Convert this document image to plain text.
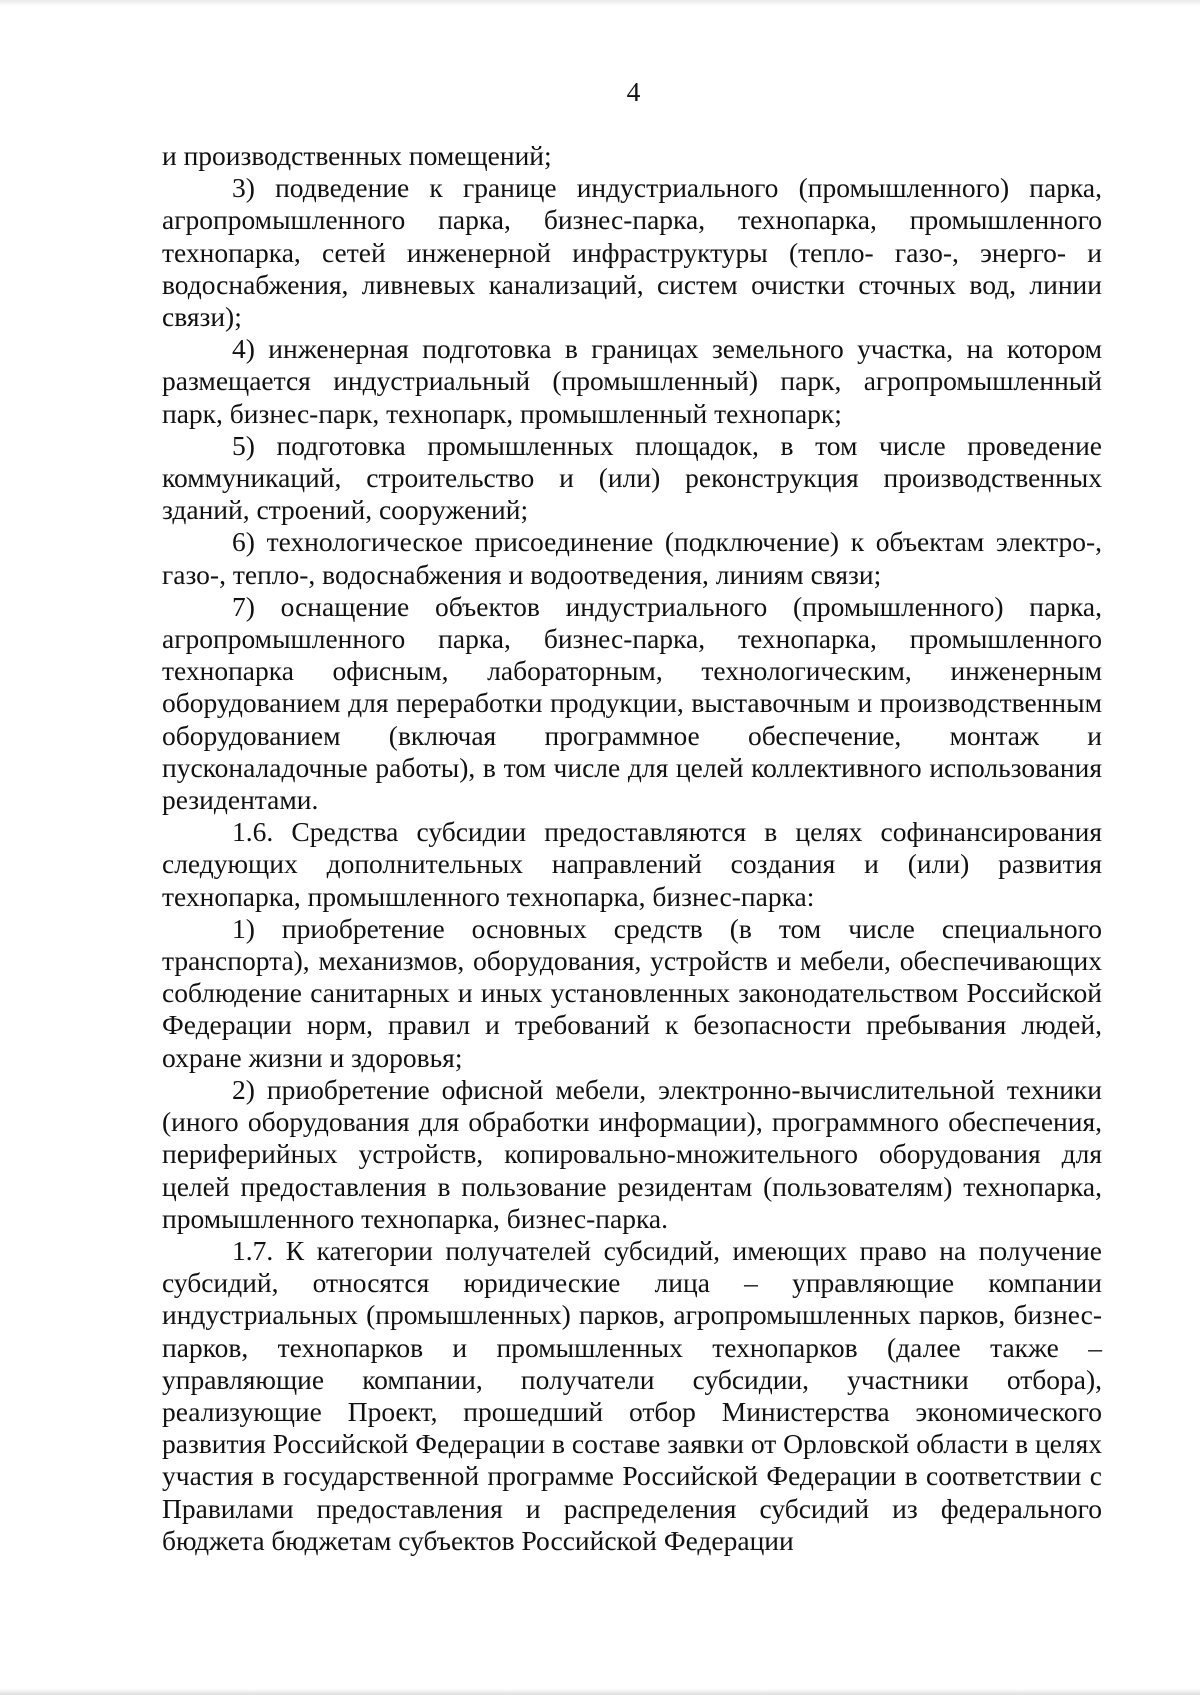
4

и производственных помещений;

3) подведение к границе индустриального (промышленного) парка, агропромышленного парка, бизнес-парка, технопарка, промышленного технопарка, сетей инженерной инфраструктуры (тепло- газо-, энерго- и водоснабжения, ливневых канализаций, систем очистки сточных вод, линии связи);

4) инженерная подготовка в границах земельного участка, на котором размещается индустриальный (промышленный) парк, агропромышленный парк, бизнес-парк, технопарк, промышленный технопарк;

5) подготовка промышленных площадок, в том числе проведение коммуникаций, строительство и (или) реконструкция производственных зданий, строений, сооружений;

6) технологическое присоединение (подключение) к объектам электро-, газо-, тепло-, водоснабжения и водоотведения, линиям связи;

7) оснащение объектов индустриального (промышленного) парка, агропромышленного парка, бизнес-парка, технопарка, промышленного технопарка офисным, лабораторным, технологическим, инженерным оборудованием для переработки продукции, выставочным и производственным оборудованием (включая программное обеспечение, монтаж и пусконаладочные работы), в том числе для целей коллективного использования резидентами.

1.6. Средства субсидии предоставляются в целях софинансирования следующих дополнительных направлений создания и (или) развития технопарка, промышленного технопарка, бизнес-парка:

1) приобретение основных средств (в том числе специального транспорта), механизмов, оборудования, устройств и мебели, обеспечивающих соблюдение санитарных и иных установленных законодательством Российской Федерации норм, правил и требований к безопасности пребывания людей, охране жизни и здоровья;

2) приобретение офисной мебели, электронно-вычислительной техники (иного оборудования для обработки информации), программного обеспечения, периферийных устройств, копировально-множительного оборудования для целей предоставления в пользование резидентам (пользователям) технопарка, промышленного технопарка, бизнес-парка.

1.7. К категории получателей субсидий, имеющих право на получение субсидий, относятся юридические лица – управляющие компании индустриальных (промышленных) парков, агропромышленных парков, бизнес-парков, технопарков и промышленных технопарков (далее также – управляющие компании, получатели субсидии, участники отбора), реализующие Проект, прошедший отбор Министерства экономического развития Российской Федерации в составе заявки от Орловской области в целях участия в государственной программе Российской Федерации в соответствии с Правилами предоставления и распределения субсидий из федерального бюджета бюджетам субъектов Российской Федерации
